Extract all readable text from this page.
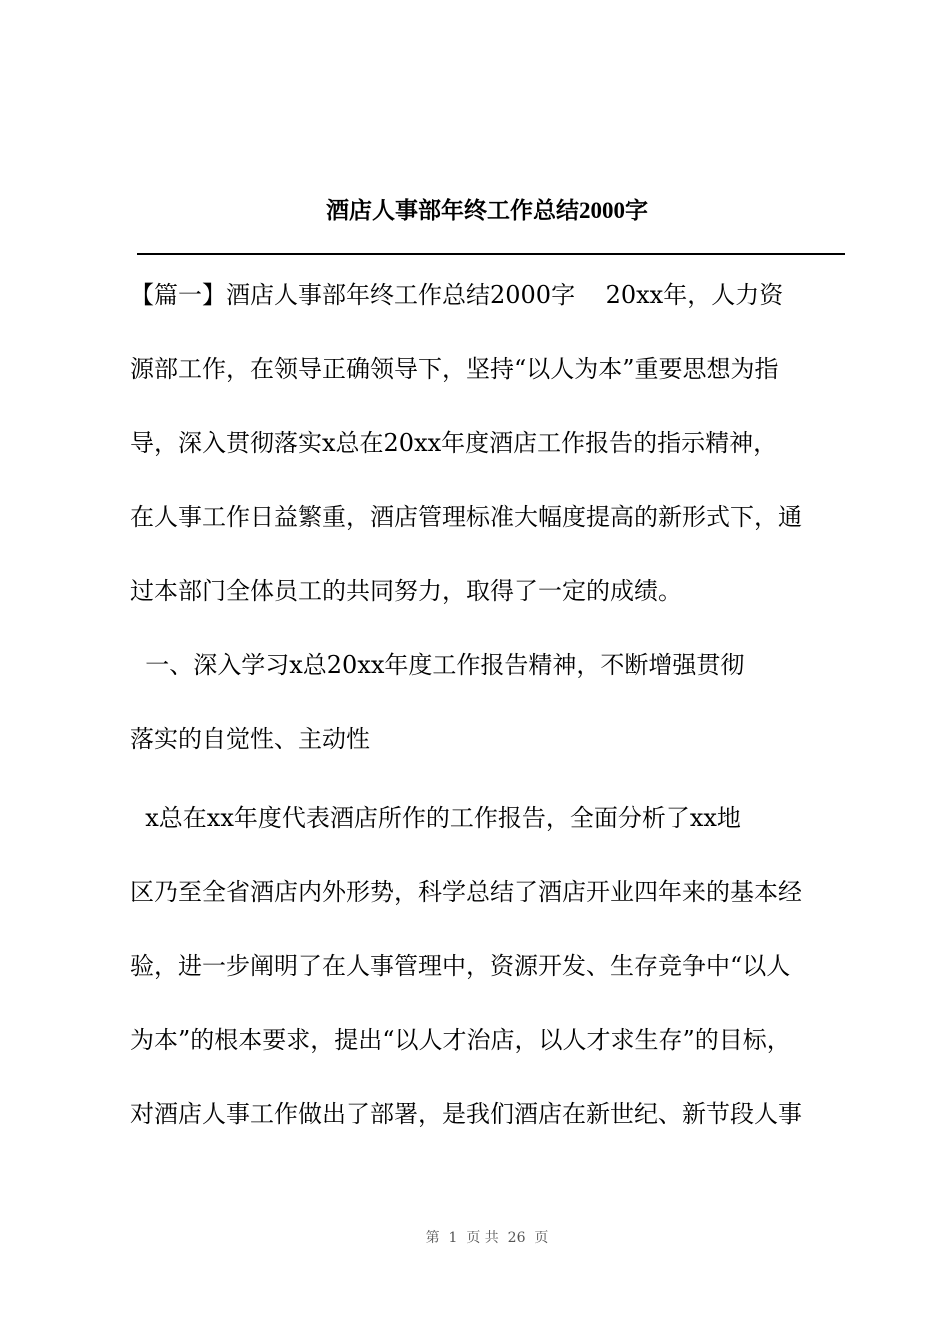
酒店人事部年终工作总结2000字
【篇一】酒店人事部年终工作总结2000字    20xx年，人力资
源部工作，在领导正确领导下，坚持“以人为本”重要思想为指
导，深入贯彻落实x总在20xx年度酒店工作报告的指示精神，
在人事工作日益繁重，酒店管理标准大幅度提高的新形式下，通
过本部门全体员工的共同努力，取得了一定的成绩。
一、深入学习x总20xx年度工作报告精神，不断增强贯彻
落实的自觉性、主动性
x总在xx年度代表酒店所作的工作报告，全面分析了xx地
区乃至全省酒店内外形势，科学总结了酒店开业四年来的基本经
验，进一步阐明了在人事管理中，资源开发、生存竞争中“以人
为本”的根本要求，提出“以人才治店，以人才求生存”的目标，
对酒店人事工作做出了部署，是我们酒店在新世纪、新节段人事
第  1  页 共  26  页
